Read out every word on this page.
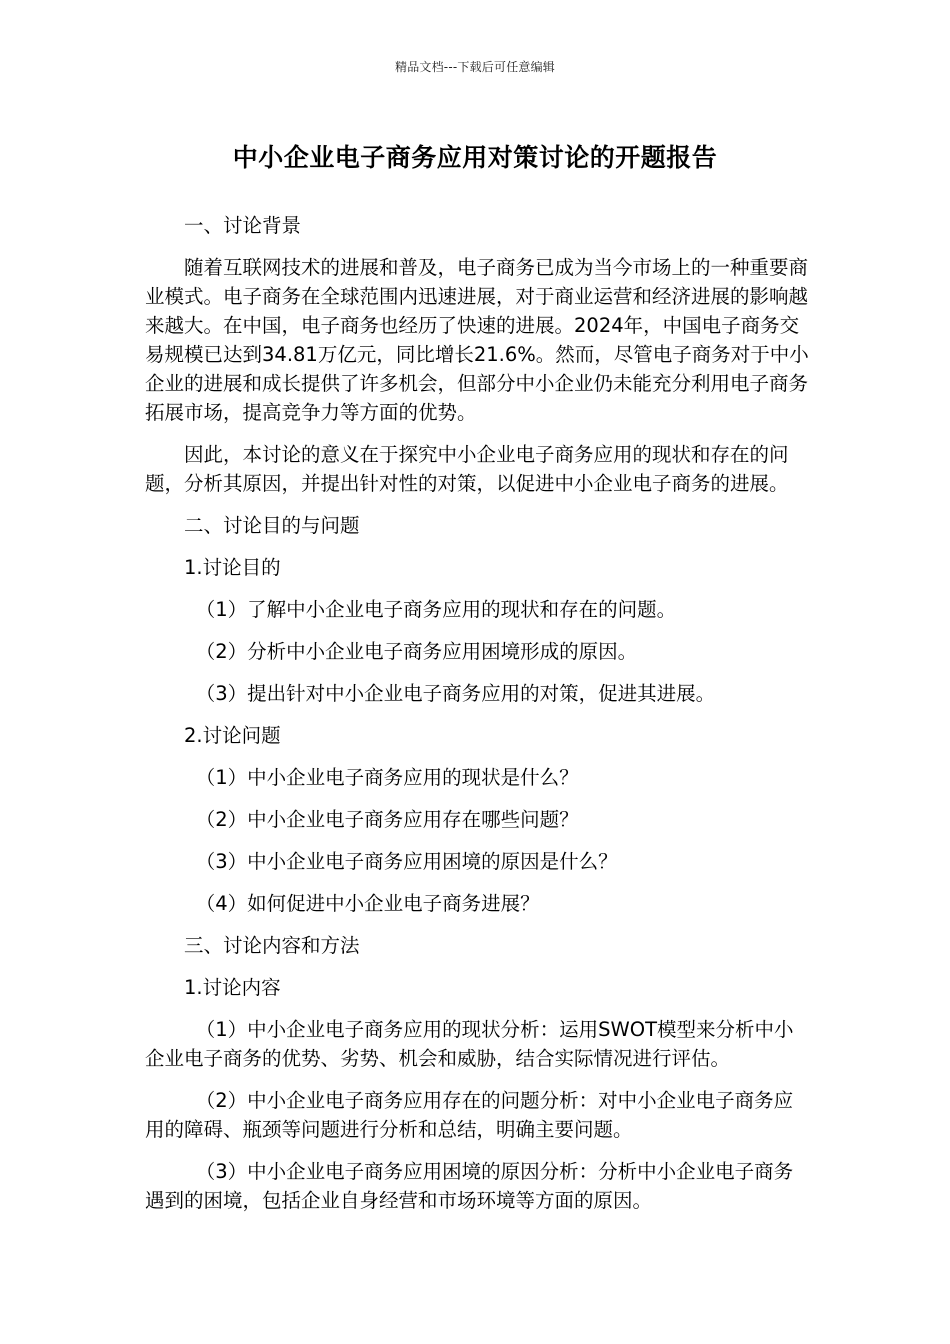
精品文档---下载后可任意编辑
中小企业电子商务应用对策讨论的开题报告

一、讨论背景

随着互联网技术的进展和普及，电子商务已成为当今市场上的一种重要商业模式。电子商务在全球范围内迅速进展，对于商业运营和经济进展的影响越来越大。在中国，电子商务也经历了快速的进展。2024年，中国电子商务交易规模已达到34.81万亿元，同比增长21.6%。然而，尽管电子商务对于中小企业的进展和成长提供了许多机会，但部分中小企业仍未能充分利用电子商务拓展市场，提高竞争力等方面的优势。

因此，本讨论的意义在于探究中小企业电子商务应用的现状和存在的问题，分析其原因，并提出针对性的对策，以促进中小企业电子商务的进展。

二、讨论目的与问题

1.讨论目的

（1）了解中小企业电子商务应用的现状和存在的问题。

（2）分析中小企业电子商务应用困境形成的原因。

（3）提出针对中小企业电子商务应用的对策，促进其进展。

2.讨论问题

（1）中小企业电子商务应用的现状是什么？

（2）中小企业电子商务应用存在哪些问题？

（3）中小企业电子商务应用困境的原因是什么？

（4）如何促进中小企业电子商务进展？

三、讨论内容和方法

1.讨论内容

（1）中小企业电子商务应用的现状分析：运用SWOT模型来分析中小企业电子商务的优势、劣势、机会和威胁，结合实际情况进行评估。

（2）中小企业电子商务应用存在的问题分析：对中小企业电子商务应用的障碍、瓶颈等问题进行分析和总结，明确主要问题。

（3）中小企业电子商务应用困境的原因分析：分析中小企业电子商务遇到的困境，包括企业自身经营和市场环境等方面的原因。
